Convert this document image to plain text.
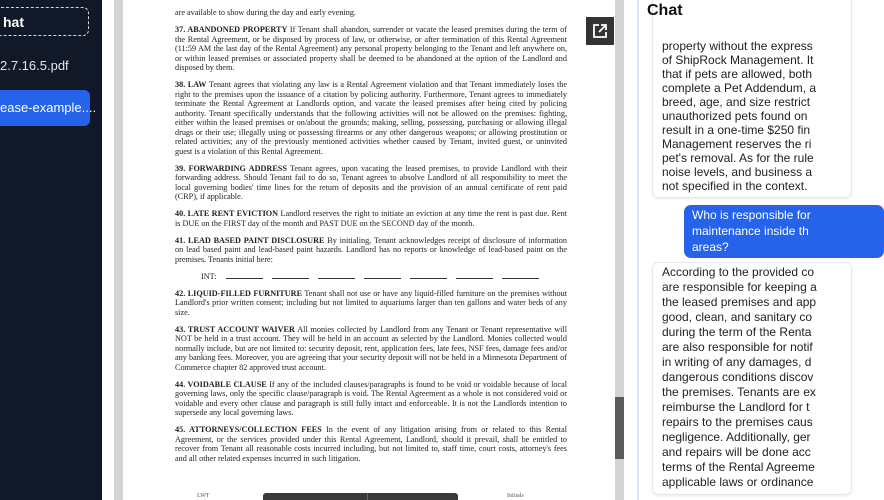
hat
2.7.16.5.pdf
ease-example....

are available to show during the day and early evening.

37. ABANDONED PROPERTY If Tenant shall abandon, surrender or vacate the leased premises during the term of the Rental Agreement, or be disposed by process of law, or otherwise, or after termination of this Rental Agreement (11:59 AM the last day of the Rental Agreement) any personal property belonging to the Tenant and left anywhere on, or within leased premises or associated property shall be deemed to be abandoned at the option of the Landlord and disposed by them.

38. LAW Tenant agrees that violating any law is a Rental Agreement violation and that Tenant immediately loses the right to the premises upon the issuance of a citation by policing authority. Furthermore, Tenant agrees to immediately terminate the Rental Agreement at Landlords option, and vacate the leased premises after being cited by policing authority. Tenant specifically understands that the following activities will not be allowed on the premises: fighting, either within the leased premises or on/about the grounds; making, selling, possessing, purchasing or allowing illegal drugs or their use; illegally using or possessing firearms or any other dangerous weapons; or allowing prostitution or related activities; any of the previously mentioned activities whether caused by Tenant, invited guest, or uninvited guest is a violation of this Rental Agreement.

39. FORWARDING ADDRESS Tenant agrees, upon vacating the leased premises, to provide Landlord with their forwarding address. Should Tenant fail to do so, Tenant agrees to absolve Landlord of all responsibility to meet the local governing bodies' time lines for the return of deposits and the provision of an annual certificate of rent paid (CRP), if applicable.

40. LATE RENT EVICTION Landlord reserves the right to initiate an eviction at any time the rent is past due. Rent is DUE on the FIRST day of the month and PAST DUE on the SECOND day of the month.

41. LEAD BASED PAINT DISCLOSURE By initialing, Tenant acknowledges receipt of disclosure of information on lead based paint and lead-based paint hazards. Landlord has no reports or knowledge of lead-based paint on the premises. Tenants initial here:

INT:

42. LIQUID-FILLED FURNITURE Tenant shall not use or have any liquid-filled furniture on the premises without Landlord's prior written consent; including but not limited to aquariums larger than ten gallons and water beds of any size.

43. TRUST ACCOUNT WAIVER All monies collected by Landlord from any Tenant or Tenant representative will NOT be held in a trust account. They will be held in an account as selected by the Landlord. Monies collected would normally include, but are not limited to: security deposit, rent, application fees, late fees, NSF fees, damage fees and/or any banking fees. Moreover, you are agreeing that your security deposit will not be held in a Minnesota Department of Commerce chapter 82 approved trust account.

44. VOIDABLE CLAUSE If any of the included clauses/paragraphs is found to be void or voidable because of local governing laws, only the specific clause/paragraph is void. The Rental Agreement as a whole is not considered void or voidable and every other clause and paragraph is still fully intact and enforceable. It is not the Landlords intention to supersede any local governing laws.

45. ATTORNEYS/COLLECTION FEES In the event of any litigation arising from or related to this Rental Agreement, or the services provided under this Rental Agreement, Landlord, should it prevail, shall be entitled to recover from Tenant all reasonable costs incurred including, but not limited to, staff time, court costs, attorney's fees and all other related expenses incurred in such litigation.

LWT	Initials
property without the express
of ShipRock Management. It
that if pets are allowed, both
complete a Pet Addendum, a
breed, age, and size restrict
unauthorized pets found on
result in a one-time $250 fin
Management reserves the ri
pet's removal. As for the rule
noise levels, and business a
not specified in the context.
Who is responsible for
maintenance inside th
areas?
According to the provided co
are responsible for keeping a
the leased premises and app
good, clean, and sanitary co
during the term of the Renta
are also responsible for notif
in writing of any damages, d
dangerous conditions discov
the premises. Tenants are ex
reimburse the Landlord for t
repairs to the premises caus
negligence. Additionally, ger
and repairs will be done acc
terms of the Rental Agreeme
applicable laws or ordinance
Chat
